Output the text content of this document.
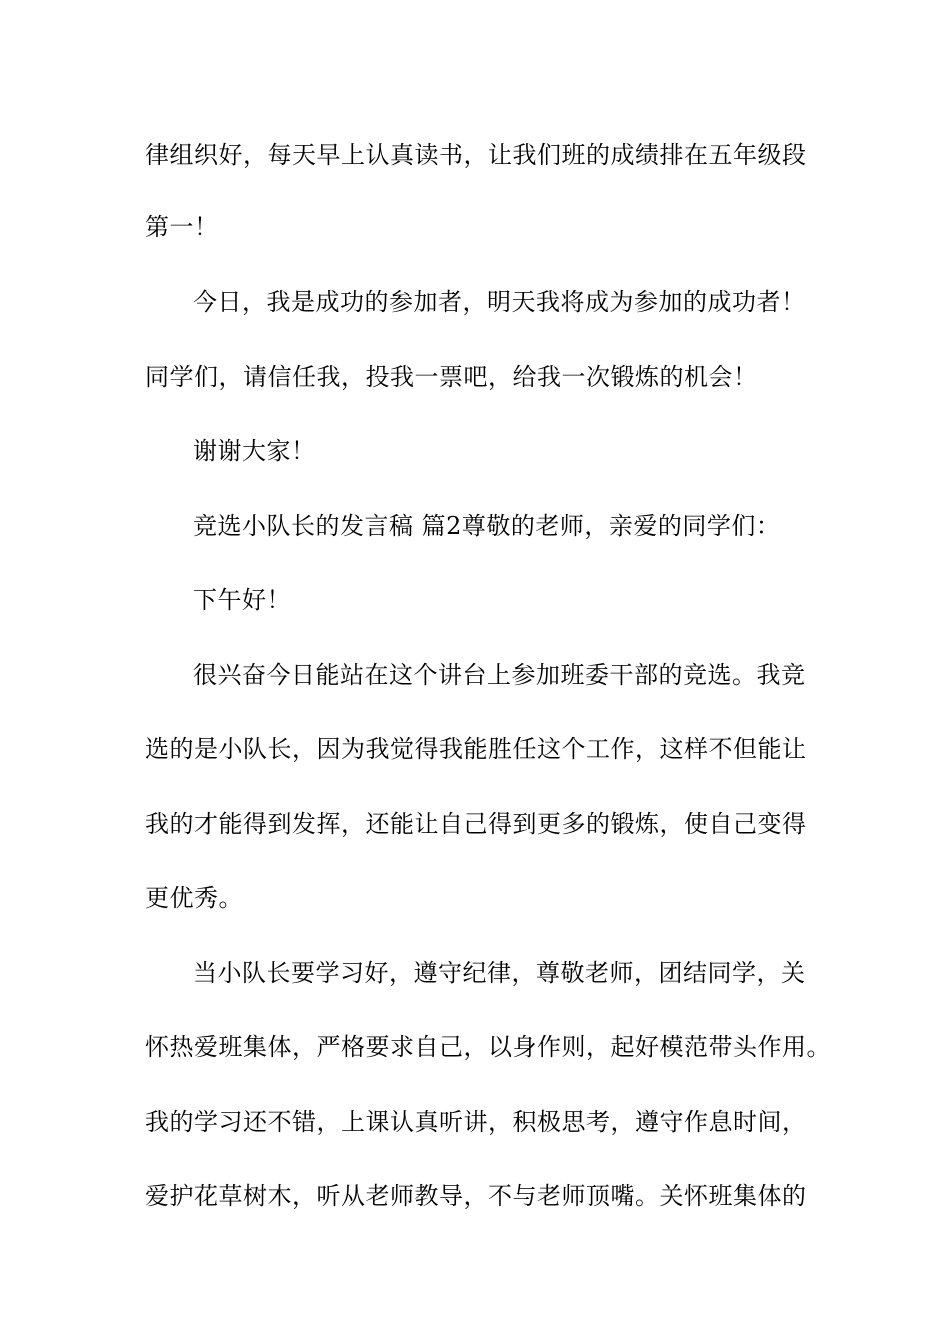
律组织好，每天早上认真读书，让我们班的成绩排在五年级段
第一！
今日，我是成功的参加者，明天我将成为参加的成功者！
同学们，请信任我，投我一票吧，给我一次锻炼的机会！
谢谢大家！
竞选小队长的发言稿 篇2尊敬的老师，亲爱的同学们：
下午好！
很兴奋今日能站在这个讲台上参加班委干部的竞选。我竞
选的是小队长，因为我觉得我能胜任这个工作，这样不但能让
我的才能得到发挥，还能让自己得到更多的锻炼，使自己变得
更优秀。
当小队长要学习好，遵守纪律，尊敬老师，团结同学，关
怀热爱班集体，严格要求自己，以身作则，起好模范带头作用。
我的学习还不错，上课认真听讲，积极思考，遵守作息时间，
爱护花草树木，听从老师教导，不与老师顶嘴。关怀班集体的
